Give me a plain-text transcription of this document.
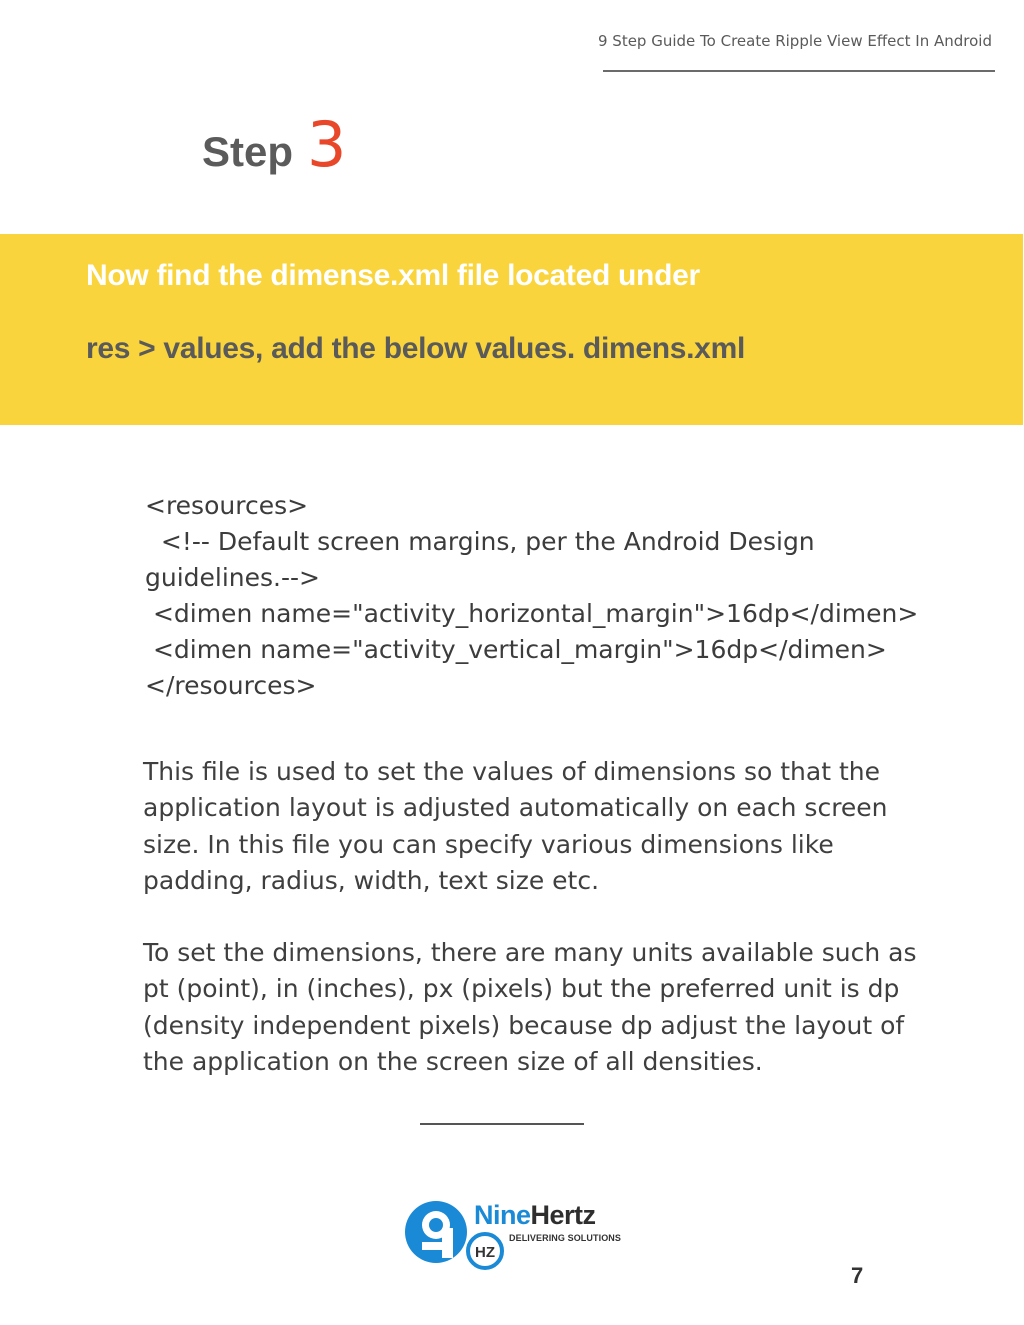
9 Step Guide To Create Ripple View Effect In Android
Step 3
Now find the dimense.xml file located under
res > values, add the below values. dimens.xml
<resources>
<!-- Default screen margins, per the Android Design
guidelines.-->
<dimen name="activity_horizontal_margin">16dp</dimen>
<dimen name="activity_vertical_margin">16dp</dimen>
</resources>

This file is used to set the values of dimensions so that the application layout is adjusted automatically on each screen size. In this file you can specify various dimensions like padding, radius, width, text size etc.

To set the dimensions, there are many units available such as pt (point), in (inches), px (pixels) but the preferred unit is dp (density independent pixels) because dp adjust the layout of the application on the screen size of all densities.

HZ
NineHertz
DELIVERING SOLUTIONS
7
